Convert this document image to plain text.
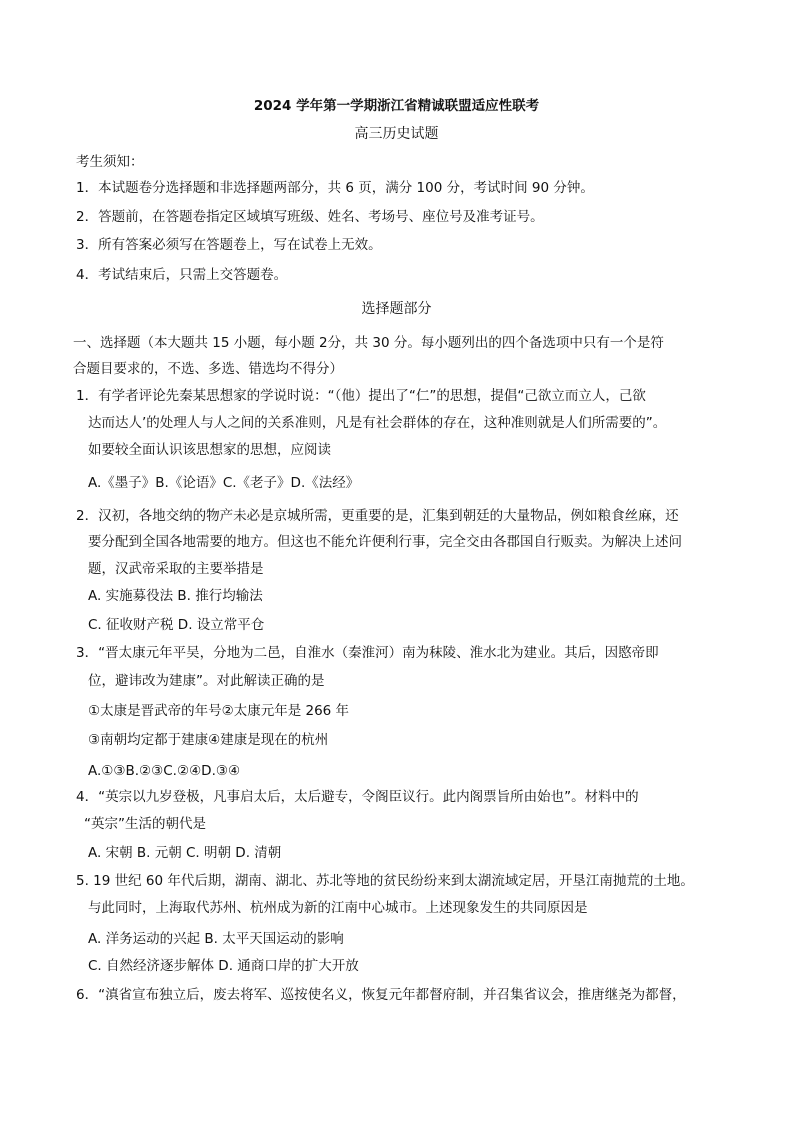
2024 学年第一学期浙江省精诚联盟适应性联考
高三历史试题
考生须知：
1．本试题卷分选择题和非选择题两部分，共 6 页，满分 100 分，考试时间 90 分钟。
2．答题前，在答题卷指定区域填写班级、姓名、考场号、座位号及准考证号。
3．所有答案必须写在答题卷上，写在试卷上无效。
4．考试结束后，只需上交答题卷。
选择题部分
一、选择题（本大题共 15 小题，每小题 2分，共 30 分。每小题列出的四个备选项中只有一个是符
合题目要求的，不选、多选、错选均不得分）
1．有学者评论先秦某思想家的学说时说：“（他）提出了“仁”的思想，提倡“己欲立而立人，己欲
达而达人’的处理人与人之间的关系准则，凡是有社会群体的存在，这种准则就是人们所需要的”。
如要较全面认识该思想家的思想，应阅读
A.《墨子》B.《论语》C.《老子》D.《法经》
2．汉初，各地交纳的物产未必是京城所需，更重要的是，汇集到朝廷的大量物品，例如粮食丝麻，还
要分配到全国各地需要的地方。但这也不能允许便利行事，完全交由各郡国自行贩卖。为解决上述问
题，汉武帝采取的主要举措是
A. 实施募役法 B. 推行均输法
C. 征收财产税 D. 设立常平仓
3．“晋太康元年平吴，分地为二邑，自淮水（秦淮河）南为秣陵、淮水北为建业。其后，因愍帝即
位，避讳改为建康”。对此解读正确的是
①太康是晋武帝的年号②太康元年是 266 年
③南朝均定都于建康④建康是现在的杭州
A.①③B.②③C.②④D.③④
4．“英宗以九岁登极，凡事启太后，太后避专，令阁臣议行。此内阁票旨所由始也”。材料中的
“英宗”生活的朝代是
A. 宋朝 B. 元朝 C. 明朝 D. 清朝
5. 19 世纪 60 年代后期，湖南、湖北、苏北等地的贫民纷纷来到太湖流域定居，开垦江南抛荒的土地。
与此同时，上海取代苏州、杭州成为新的江南中心城市。上述现象发生的共同原因是
A. 洋务运动的兴起 B. 太平天国运动的影响
C. 自然经济逐步解体 D. 通商口岸的扩大开放
6．“滇省宣布独立后，废去将军、巡按使名义，恢复元年都督府制，并召集省议会，推唐继尧为都督，
